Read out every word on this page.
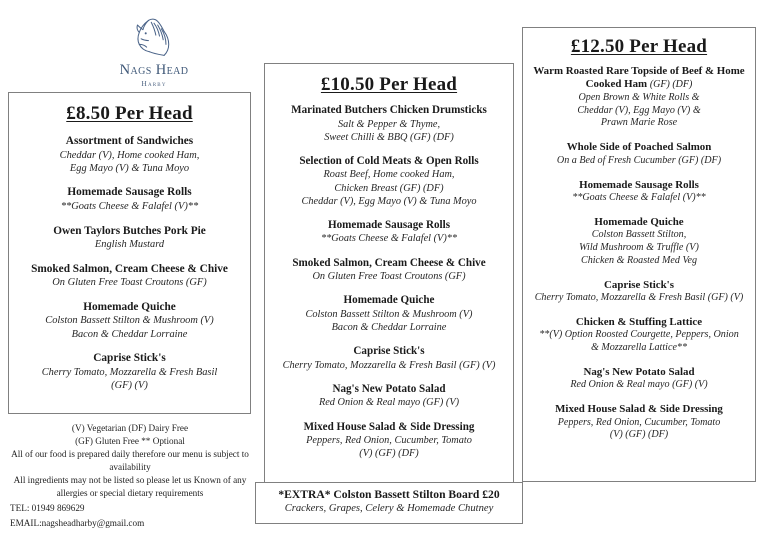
Nags Head
Harby
£8.50 Per Head
Assortment of Sandwiches
Cheddar (V), Home cooked Ham,
Egg Mayo (V) & Tuna Moyo
Homemade Sausage Rolls
**Goats Cheese & Falafel (V)**
Owen Taylors Butches Pork Pie
English Mustard
Smoked Salmon, Cream Cheese & Chive
On Gluten Free Toast Croutons (GF)
Homemade Quiche
Colston Bassett Stilton & Mushroom (V)
Bacon & Cheddar Lorraine
Caprise Stick's
Cherry Tomato, Mozzarella & Fresh Basil
(GF) (V)
£10.50 Per Head
Marinated Butchers Chicken Drumsticks
Salt & Pepper & Thyme,
Sweet Chilli & BBQ (GF) (DF)
Selection of Cold Meats & Open Rolls
Roast Beef, Home cooked Ham,
Chicken Breast (GF) (DF)
Cheddar (V), Egg Mayo (V) & Tuna Moyo
Homemade Sausage Rolls
**Goats Cheese & Falafel (V)**
Smoked Salmon, Cream Cheese & Chive
On Gluten Free Toast Croutons (GF)
Homemade Quiche
Colston Bassett Stilton & Mushroom (V)
Bacon & Cheddar Lorraine
Caprise Stick's
Cherry Tomato, Mozzarella & Fresh Basil (GF) (V)
Nag's New Potato Salad
Red Onion & Real mayo (GF) (V)
Mixed House Salad & Side Dressing
Peppers, Red Onion, Cucumber, Tomato
(V) (GF) (DF)
£12.50 Per Head
Warm Roasted Rare Topside of Beef & Home Cooked Ham (GF) (DF)
Open Brown & White Rolls &
Cheddar (V), Egg Mayo (V) &
Prawn Marie Rose
Whole Side of Poached Salmon
On a Bed of Fresh Cucumber (GF) (DF)
Homemade Sausage Rolls
**Goats Cheese & Falafel (V)**
Homemade Quiche
Colston Bassett Stilton,
Wild Mushroom & Truffle (V)
Chicken & Roasted Med Veg
Caprise Stick's
Cherry Tomato, Mozzarella & Fresh Basil (GF) (V)
Chicken & Stuffing Lattice
**(V) Option Roosted Courgette, Peppers, Onion
& Mozzarella Lattice**
Nag's New Potato Salad
Red Onion & Real mayo (GF) (V)
Mixed House Salad & Side Dressing
Peppers, Red Onion, Cucumber, Tomato
(V) (GF) (DF)
*EXTRA* Colston Bassett Stilton Board £20
Crackers, Grapes, Celery & Homemade Chutney
(V) Vegetarian (DF) Dairy Free
(GF) Gluten Free ** Optional
All of our food is prepared daily therefore our menu is subject to availability
All ingredients may not be listed so please let us Known of any allergies or special dietary requirements
TEL: 01949 869629
EMAIL:nagsheadharby@gmail.com
